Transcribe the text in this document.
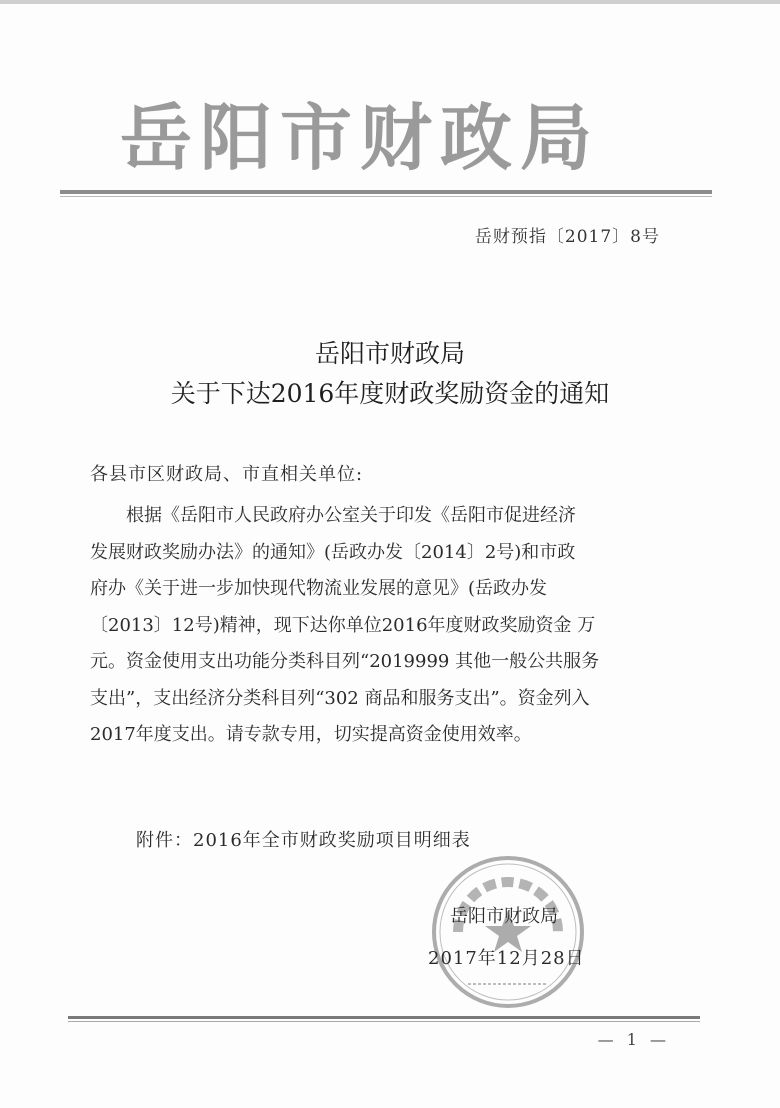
岳阳市财政局
岳财预指〔2017〕8号
岳阳市财政局
关于下达2016年度财政奖励资金的通知
各县市区财政局、市直相关单位:
根据《岳阳市人民政府办公室关于印发《岳阳市促进经济
发展财政奖励办法》的通知》(岳政办发〔2014〕2号)和市政
府办《关于进一步加快现代物流业发展的意见》(岳政办发
〔2013〕12号)精神，现下达你单位2016年度财政奖励资金 万
元。资金使用支出功能分类科目列“2019999 其他一般公共服务
支出”，支出经济分类科目列“302 商品和服务支出”。资金列入
2017年度支出。请专款专用，切实提高资金使用效率。
附件：2016年全市财政奖励项目明细表
岳阳市财政局
2017年12月28日
— 1 —
